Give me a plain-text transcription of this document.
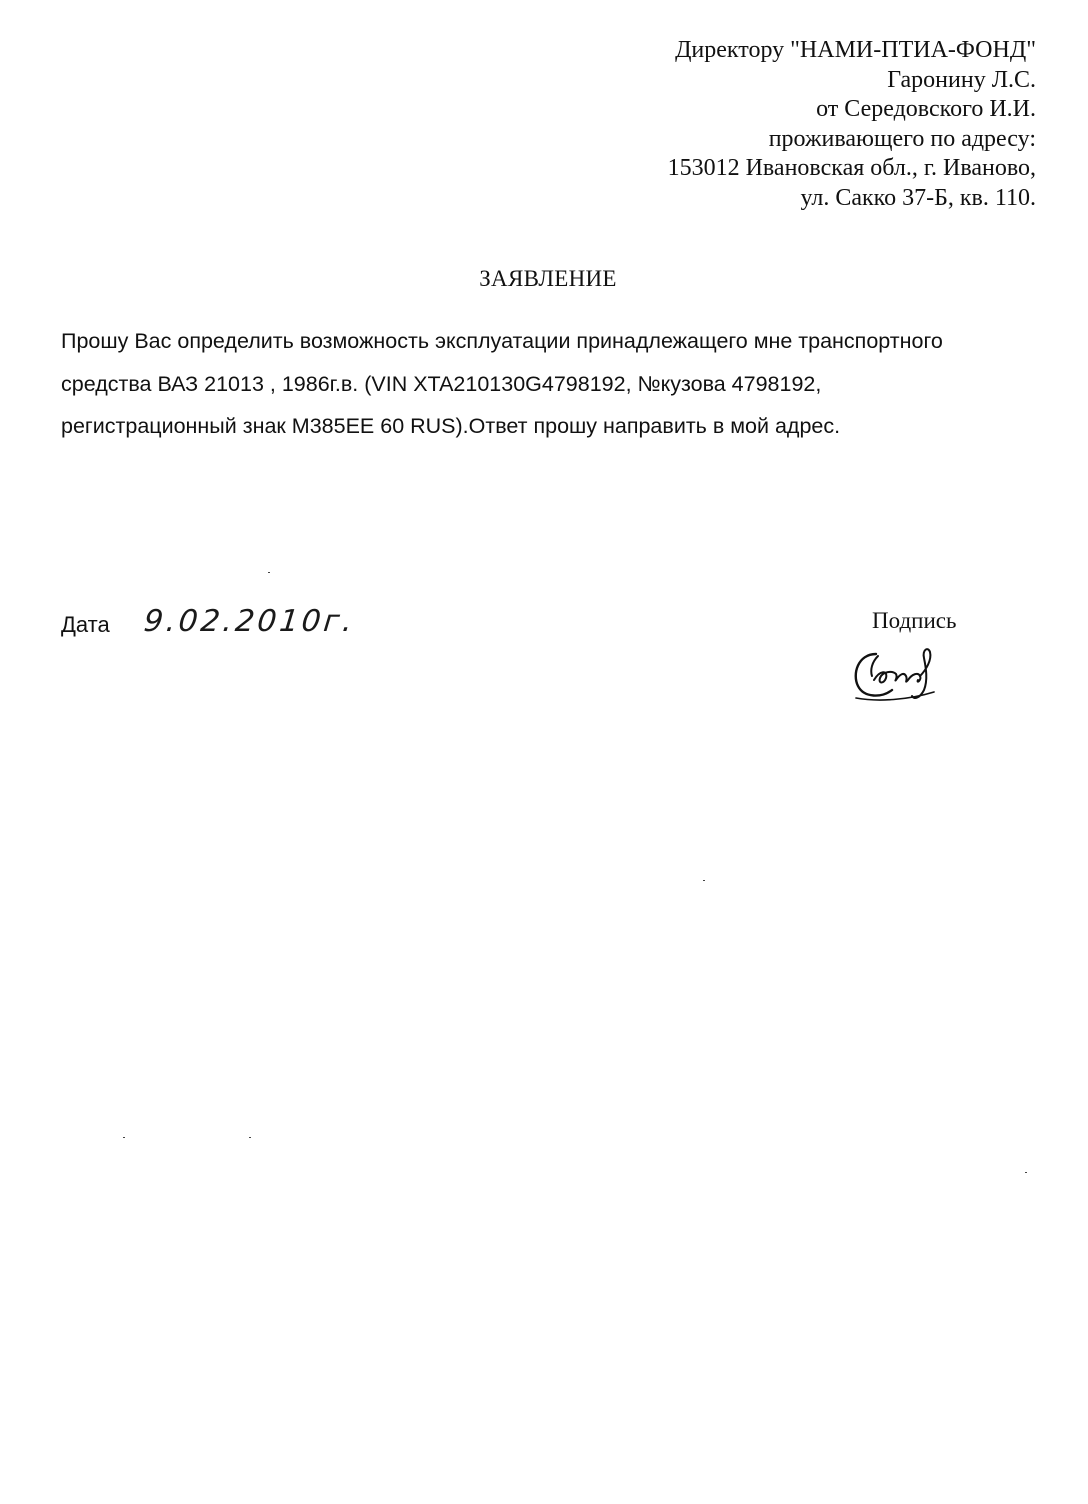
Директору "НАМИ-ПТИА-ФОНД"
Гаронину Л.С.
от Середовского И.И.
проживающего по адресу:
153012 Ивановская обл., г. Иваново,
ул. Сакко 37-Б, кв. 110.
ЗАЯВЛЕНИЕ
Прошу Вас определить возможность эксплуатации принадлежащего мне транспортного
средства ВАЗ 21013 , 1986г.в. (VIN XTA210130G4798192, №кузова 4798192,
регистрационный знак М385ЕЕ 60 RUS).Ответ прошу направить в мой адрес.
Дата 9.02.2010г.	Подпись
